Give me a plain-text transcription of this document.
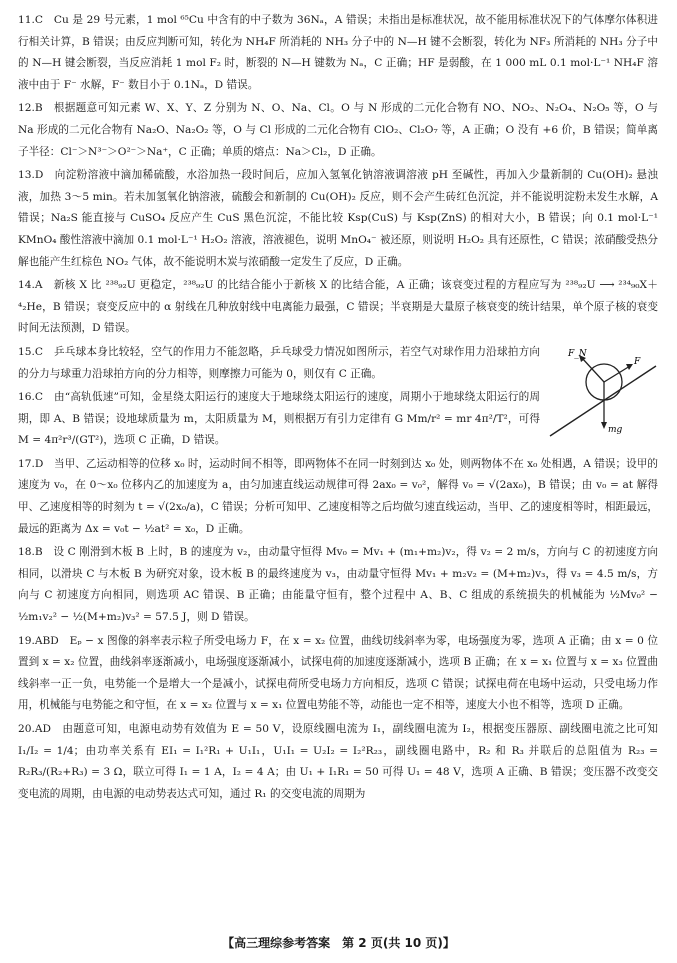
11.C　Cu 是 29 号元素，1 mol ⁶⁵Cu 中含有的中子数为 36Nₐ，A 错误；未指出是标准状况，故不能用标准状况下的气体摩尔体积进行相关计算，B 错误；由反应判断可知，转化为 NH₄F 所消耗的 NH₃ 分子中的 N—H 键不会断裂，转化为 NF₃ 所消耗的 NH₃ 分子中的 N—H 键会断裂，当反应消耗 1 mol F₂ 时，断裂的 N—H 键数为 Nₐ，C 正确；HF 是弱酸，在 1 000 mL 0.1 mol·L⁻¹ NH₄F 溶液中由于 F⁻ 水解，F⁻ 数目小于 0.1Nₐ，D 错误。

12.B　根据题意可知元素 W、X、Y、Z 分别为 N、O、Na、Cl。O 与 N 形成的二元化合物有 NO、NO₂、N₂O₄、N₂O₅ 等，O 与 Na 形成的二元化合物有 Na₂O、Na₂O₂ 等，O 与 Cl 形成的二元化合物有 ClO₂、Cl₂O₇ 等，A 正确；O 没有 +6 价，B 错误；简单离子半径：Cl⁻＞N³⁻＞O²⁻＞Na⁺，C 正确；单质的熔点：Na＞Cl₂，D 正确。

13.D　向淀粉溶液中滴加稀硫酸，水浴加热一段时间后，应加入氢氧化钠溶液调溶液 pH 至碱性，再加入少量新制的 Cu(OH)₂ 悬浊液，加热 3～5 min。若未加氢氧化钠溶液，硫酸会和新制的 Cu(OH)₂ 反应，则不会产生砖红色沉淀，并不能说明淀粉未发生水解，A 错误；Na₂S 能直接与 CuSO₄ 反应产生 CuS 黑色沉淀，不能比较 Ksp(CuS) 与 Ksp(ZnS) 的相对大小，B 错误；向 0.1 mol·L⁻¹ KMnO₄ 酸性溶液中滴加 0.1 mol·L⁻¹ H₂O₂ 溶液，溶液褪色，说明 MnO₄⁻ 被还原，则说明 H₂O₂ 具有还原性，C 错误；浓硝酸受热分解也能产生红棕色 NO₂ 气体，故不能说明木炭与浓硝酸一定发生了反应，D 正确。

14.A　新核 X 比 ²³⁸₉₂U 更稳定，²³⁸₉₂U 的比结合能小于新核 X 的比结合能，A 正确；该衰变过程的方程应写为 ²³⁸₉₂U ⟶ ²³⁴₉₀X＋⁴₂He，B 错误；衰变反应中的 α 射线在几种放射线中电离能力最强，C 错误；半衰期是大量原子核衰变的统计结果，单个原子核的衰变时间无法预测，D 错误。

F_N
F
mg

15.C　乒乓球本身比较轻，空气的作用力不能忽略，乒乓球受力情况如图所示，若空气对球作用力沿球拍方向的分力与球重力沿球拍方向的分力相等，则摩擦力可能为 0，则仅有 C 正确。

16.C　由“高轨低速”可知，金星绕太阳运行的速度大于地球绕太阳运行的速度，周期小于地球绕太阳运行的周期，即 A、B 错误；设地球质量为 m，太阳质量为 M，则根据万有引力定律有 G Mm/r² = mr 4π²/T²，可得 M = 4π²r³/(GT²)，选项 C 正确，D 错误。

17.D　当甲、乙运动相等的位移 x₀ 时，运动时间不相等，即两物体不在同一时刻到达 x₀ 处，则两物体不在 x₀ 处相遇，A 错误；设甲的速度为 v₀，在 0～x₀ 位移内乙的加速度为 a，由匀加速直线运动规律可得 2ax₀ = v₀²，解得 v₀ = √(2ax₀)，B 错误；由 v₀ = at 解得甲、乙速度相等的时刻为 t = √(2x₀/a)，C 错误；分析可知甲、乙速度相等之后均做匀速直线运动，当甲、乙的速度相等时，相距最远，最远的距离为 Δx = v₀t − ½at² = x₀，D 正确。

18.B　设 C 刚滑到木板 B 上时，B 的速度为 v₂，由动量守恒得 Mv₀ = Mv₁ + (m₁+m₂)v₂，得 v₂ = 2 m/s，方向与 C 的初速度方向相同，以滑块 C 与木板 B 为研究对象，设木板 B 的最终速度为 v₃，由动量守恒得 Mv₁ + m₂v₂ = (M+m₂)v₃，得 v₃ = 4.5 m/s，方向与 C 初速度方向相同，则选项 AC 错误、B 正确；由能量守恒有，整个过程中 A、B、C 组成的系统损失的机械能为 ½Mv₀² − ½m₁v₂² − ½(M+m₂)v₃² = 57.5 J，则 D 错误。

19.ABD　Eₚ − x 图像的斜率表示粒子所受电场力 F，在 x = x₂ 位置，曲线切线斜率为零，电场强度为零，选项 A 正确；由 x = 0 位置到 x = x₂ 位置，曲线斜率逐渐减小，电场强度逐渐减小，试探电荷的加速度逐渐减小，选项 B 正确；在 x = x₁ 位置与 x = x₃ 位置曲线斜率一正一负，电势能一个是增大一个是减小，试探电荷所受电场力方向相反，选项 C 错误；试探电荷在电场中运动，只受电场力作用，机械能与电势能之和守恒，在 x = x₂ 位置与 x = x₁ 位置电势能不等，动能也一定不相等，速度大小也不相等，选项 D 正确。

20.AD　由题意可知，电源电动势有效值为 E = 50 V，设原线圈电流为 I₁，副线圈电流为 I₂，根据变压器原、副线圈电流之比可知 I₁/I₂ = 1/4；由功率关系有 EI₁ = I₁²R₁ + U₁I₁，U₁I₁ = U₂I₂ = I₂²R₂₃，副线圈电路中，R₂ 和 R₃ 并联后的总阻值为 R₂₃ = R₂R₃/(R₂+R₃) = 3 Ω，联立可得 I₁ = 1 A，I₂ = 4 A；由 U₁ + I₁R₁ = 50 可得 U₁ = 48 V，选项 A 正确、B 错误；变压器不改变交变电流的周期，由电源的电动势表达式可知，通过 R₁ 的交变电流的周期为

【高三理综参考答案　第 2 页(共 10 页)】
